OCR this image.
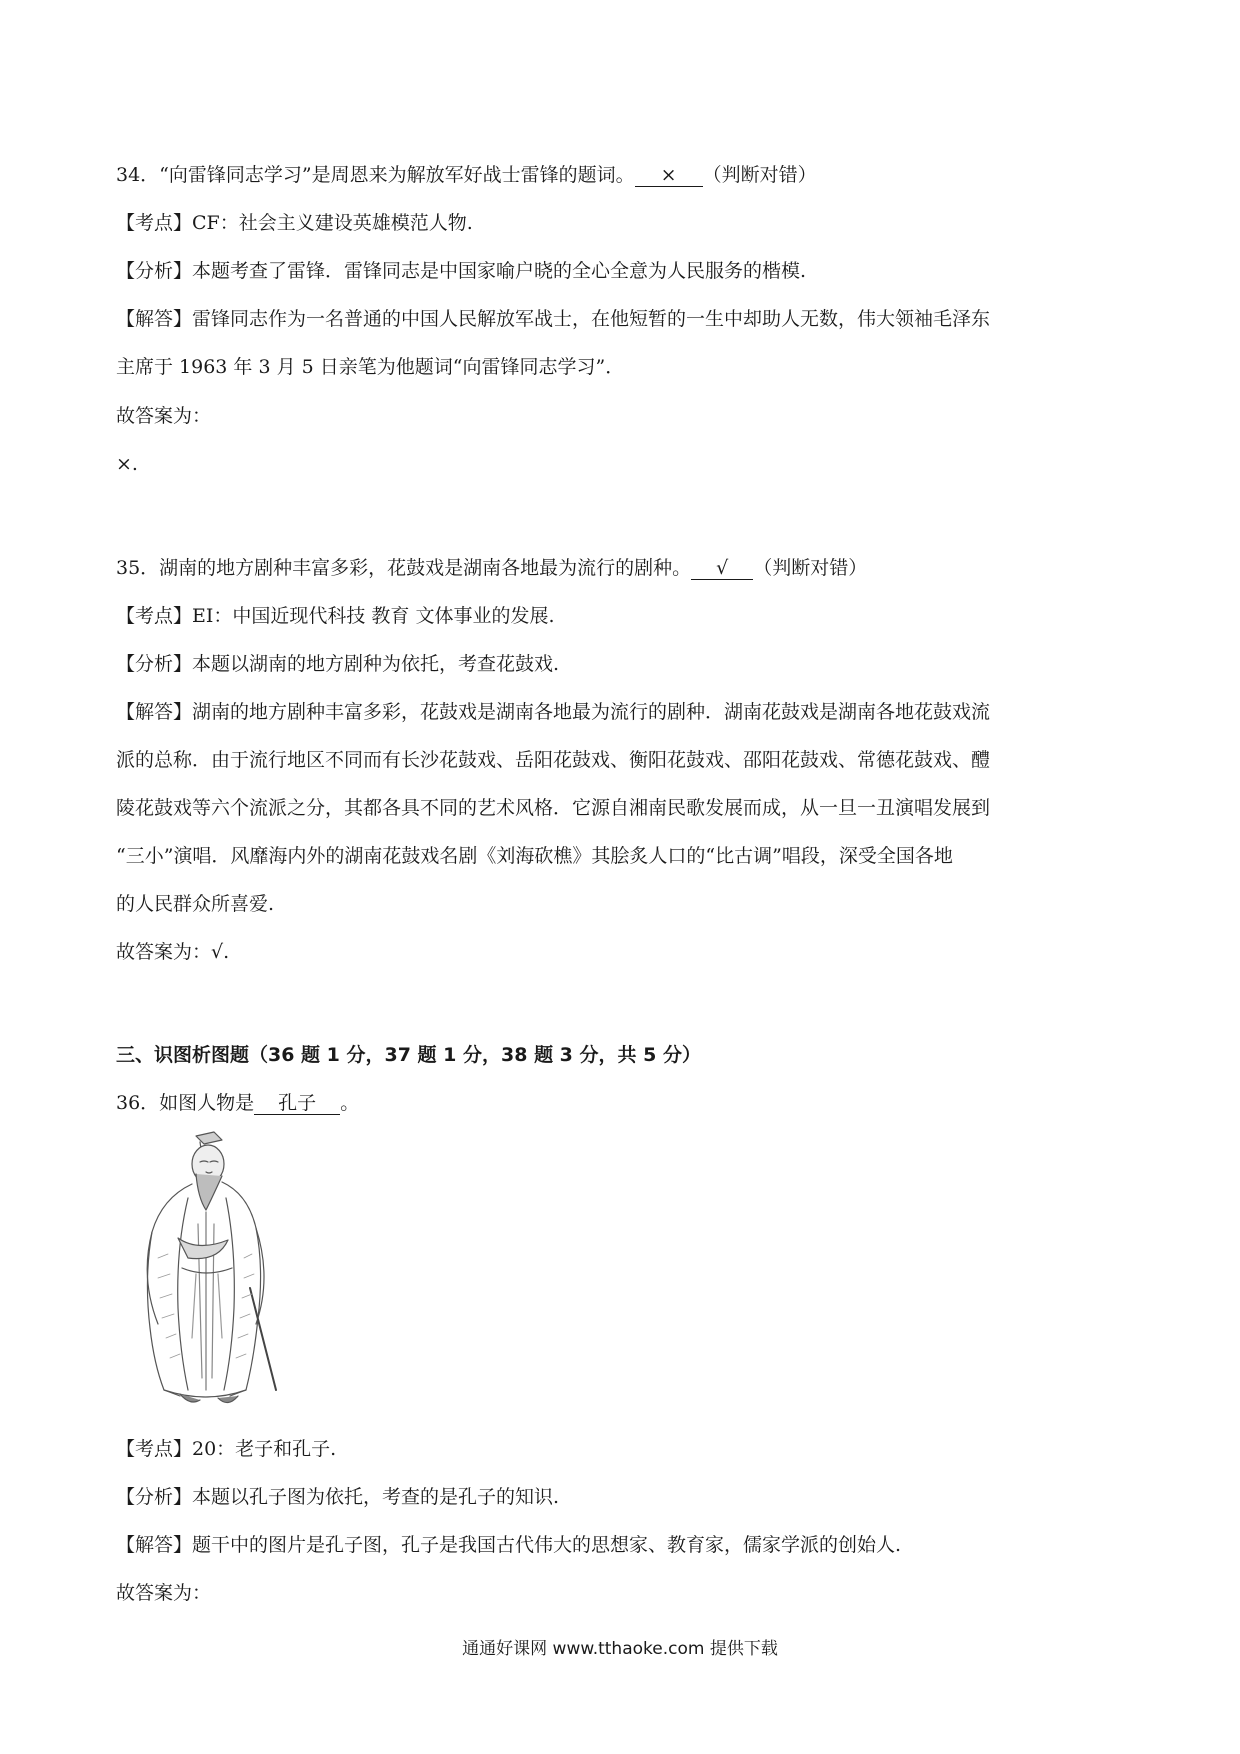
34．“向雷锋同志学习”是周恩来为解放军好战士雷锋的题词。 × （判断对错）
【考点】CF：社会主义建设英雄模范人物.
【分析】本题考查了雷锋．雷锋同志是中国家喻户晓的全心全意为人民服务的楷模.
【解答】雷锋同志作为一名普通的中国人民解放军战士，在他短暂的一生中却助人无数，伟大领袖毛泽东
主席于 1963 年 3 月 5 日亲笔为他题词“向雷锋同志学习”．
故答案为：
×.
35．湖南的地方剧种丰富多彩，花鼓戏是湖南各地最为流行的剧种。 √ （判断对错）
【考点】EI：中国近现代科技 教育 文体事业的发展.
【分析】本题以湖南的地方剧种为依托，考查花鼓戏.
【解答】湖南的地方剧种丰富多彩，花鼓戏是湖南各地最为流行的剧种．湖南花鼓戏是湖南各地花鼓戏流
派的总称．由于流行地区不同而有长沙花鼓戏、岳阳花鼓戏、衡阳花鼓戏、邵阳花鼓戏、常德花鼓戏、醴
陵花鼓戏等六个流派之分，其都各具不同的艺术风格．它源自湘南民歌发展而成，从一旦一丑演唱发展到
“三小”演唱．风靡海内外的湖南花鼓戏名剧《刘海砍樵》其脍炙人口的“比古调”唱段，深受全国各地
的人民群众所喜爱.
故答案为：√.
三、识图析图题（36 题 1 分，37 题 1 分，38 题 3 分，共 5 分）
36．如图人物是 孔子 。
【考点】20：老子和孔子.
【分析】本题以孔子图为依托，考查的是孔子的知识.
【解答】题干中的图片是孔子图，孔子是我国古代伟大的思想家、教育家，儒家学派的创始人.
故答案为：
通通好课网 www.tthaoke.com 提供下载
